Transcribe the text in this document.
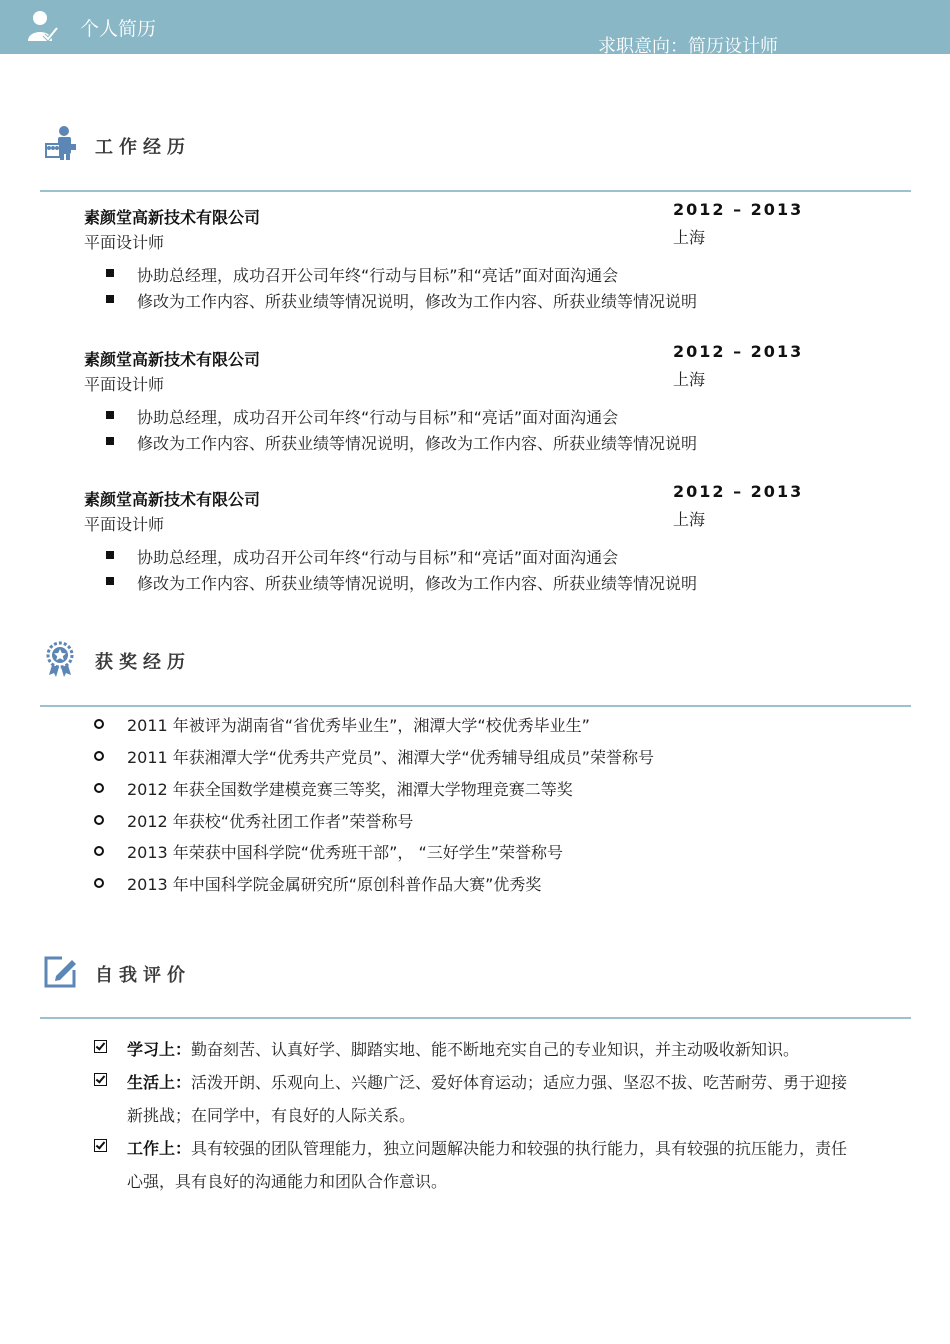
个人简历
求职意向：简历设计师
工作经历
素颜堂高新技术有限公司
平面设计师
2012 – 2013
上海
协助总经理，成功召开公司年终“行动与目标”和“亮话”面对面沟通会
修改为工作内容、所获业绩等情况说明，修改为工作内容、所获业绩等情况说明
素颜堂高新技术有限公司
平面设计师
2012 – 2013
上海
协助总经理，成功召开公司年终“行动与目标”和“亮话”面对面沟通会
修改为工作内容、所获业绩等情况说明，修改为工作内容、所获业绩等情况说明
素颜堂高新技术有限公司
平面设计师
2012 – 2013
上海
协助总经理，成功召开公司年终“行动与目标”和“亮话”面对面沟通会
修改为工作内容、所获业绩等情况说明，修改为工作内容、所获业绩等情况说明
获奖经历
2011 年被评为湖南省“省优秀毕业生”，湘潭大学“校优秀毕业生”
2011 年获湘潭大学“优秀共产党员”、湘潭大学“优秀辅导组成员”荣誉称号
2012 年获全国数学建模竞赛三等奖，湘潭大学物理竞赛二等奖
2012 年获校“优秀社团工作者”荣誉称号
2013 年荣获中国科学院“优秀班干部”， “三好学生”荣誉称号
2013 年中国科学院金属研究所“原创科普作品大赛”优秀奖
自我评价
学习上：勤奋刻苦、认真好学、脚踏实地、能不断地充实自己的专业知识，并主动吸收新知识。
生活上：活泼开朗、乐观向上、兴趣广泛、爱好体育运动；适应力强、坚忍不拔、吃苦耐劳、勇于迎接
新挑战；在同学中，有良好的人际关系。
工作上：具有较强的团队管理能力，独立问题解决能力和较强的执行能力，具有较强的抗压能力，责任
心强，具有良好的沟通能力和团队合作意识。
